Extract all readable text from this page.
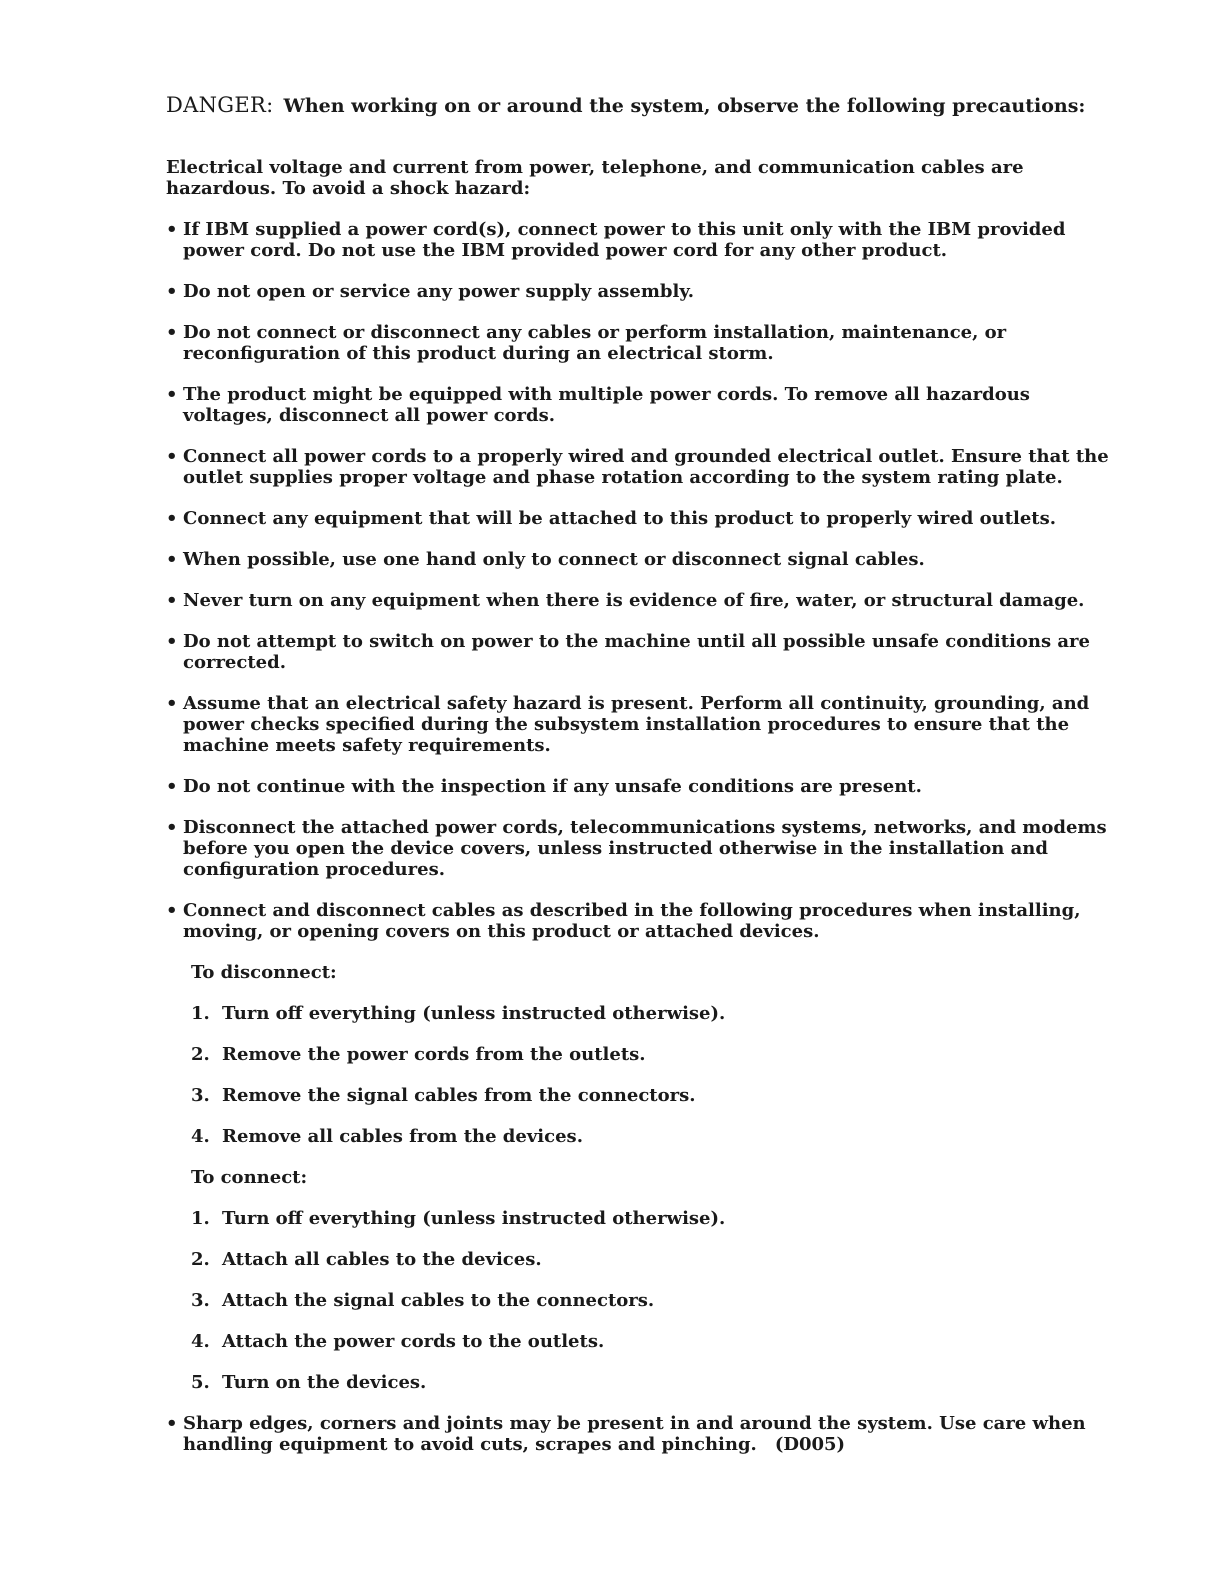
DANGER: When working on or around the system, observe the following precautions:

Electrical voltage and current from power, telephone, and communication cables are hazardous. To avoid a shock hazard:

• If IBM supplied a power cord(s), connect power to this unit only with the IBM provided power cord. Do not use the IBM provided power cord for any other product.
• Do not open or service any power supply assembly.
• Do not connect or disconnect any cables or perform installation, maintenance, or reconfiguration of this product during an electrical storm.
• The product might be equipped with multiple power cords. To remove all hazardous voltages, disconnect all power cords.
• Connect all power cords to a properly wired and grounded electrical outlet. Ensure that the outlet supplies proper voltage and phase rotation according to the system rating plate.
• Connect any equipment that will be attached to this product to properly wired outlets.
• When possible, use one hand only to connect or disconnect signal cables.
• Never turn on any equipment when there is evidence of fire, water, or structural damage.
• Do not attempt to switch on power to the machine until all possible unsafe conditions are corrected.
• Assume that an electrical safety hazard is present. Perform all continuity, grounding, and power checks specified during the subsystem installation procedures to ensure that the machine meets safety requirements.
• Do not continue with the inspection if any unsafe conditions are present.
• Disconnect the attached power cords, telecommunications systems, networks, and modems before you open the device covers, unless instructed otherwise in the installation and configuration procedures.
• Connect and disconnect cables as described in the following procedures when installing, moving, or opening covers on this product or attached devices.
To disconnect:
1. Turn off everything (unless instructed otherwise).
2. Remove the power cords from the outlets.
3. Remove the signal cables from the connectors.
4. Remove all cables from the devices.
To connect:
1. Turn off everything (unless instructed otherwise).
2. Attach all cables to the devices.
3. Attach the signal cables to the connectors.
4. Attach the power cords to the outlets.
5. Turn on the devices.
• Sharp edges, corners and joints may be present in and around the system. Use care when handling equipment to avoid cuts, scrapes and pinching. (D005)
